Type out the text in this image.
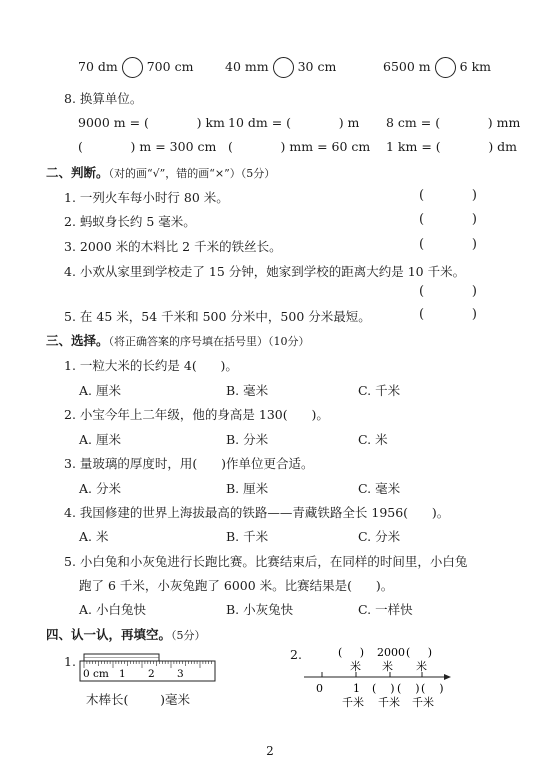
70 dm 700 cm	40 mm 30 cm	6500 m 6 km
8. 换算单位。
9000 m = (            ) km 10 dm = (            ) m 8 cm = (            ) mm
(            ) m = 300 cm (            ) mm = 60 cm 1 km = (            ) dm
二、判断。（对的画“√”，错的画“×”）（5分）
1. 一列火车每小时行 80 米。	(	)
2. 蚂蚁身长约 5 毫米。	(	)
3. 2000 米的木料比 2 千米的铁丝长。	(	)
4. 小欢从家里到学校走了 15 分钟，她家到学校的距离大约是 10 千米。
(	)
5. 在 45 米，54 千米和 500 分米中，500 分米最短。	(	)
三、选择。（将正确答案的序号填在括号里）（10分）
1. 一粒大米的长约是 4(      )。
A. 厘米	B. 毫米	C. 千米
2. 小宝今年上二年级，他的身高是 130(      )。
A. 厘米	B. 分米	C. 米
3. 量玻璃的厚度时，用(      )作单位更合适。
A. 分米	B. 厘米	C. 毫米
4. 我国修建的世界上海拔最高的铁路——青藏铁路全长 1956(      )。
A. 米	B. 千米	C. 分米
5. 小白兔和小灰兔进行长跑比赛。比赛结束后，在同样的时间里，小白兔
跑了 6 千米，小灰兔跑了 6000 米。比赛结果是(      )。
A. 小白兔快	B. 小灰兔快	C. 一样快
四、认一认，再填空。（5分）
1.
0 cm 1 2 3
木棒长(        )毫米
2.	(     ) 2000 (     )
米 米 米
0	1 (    ) (    ) (    )
千米 千米 千米
2
